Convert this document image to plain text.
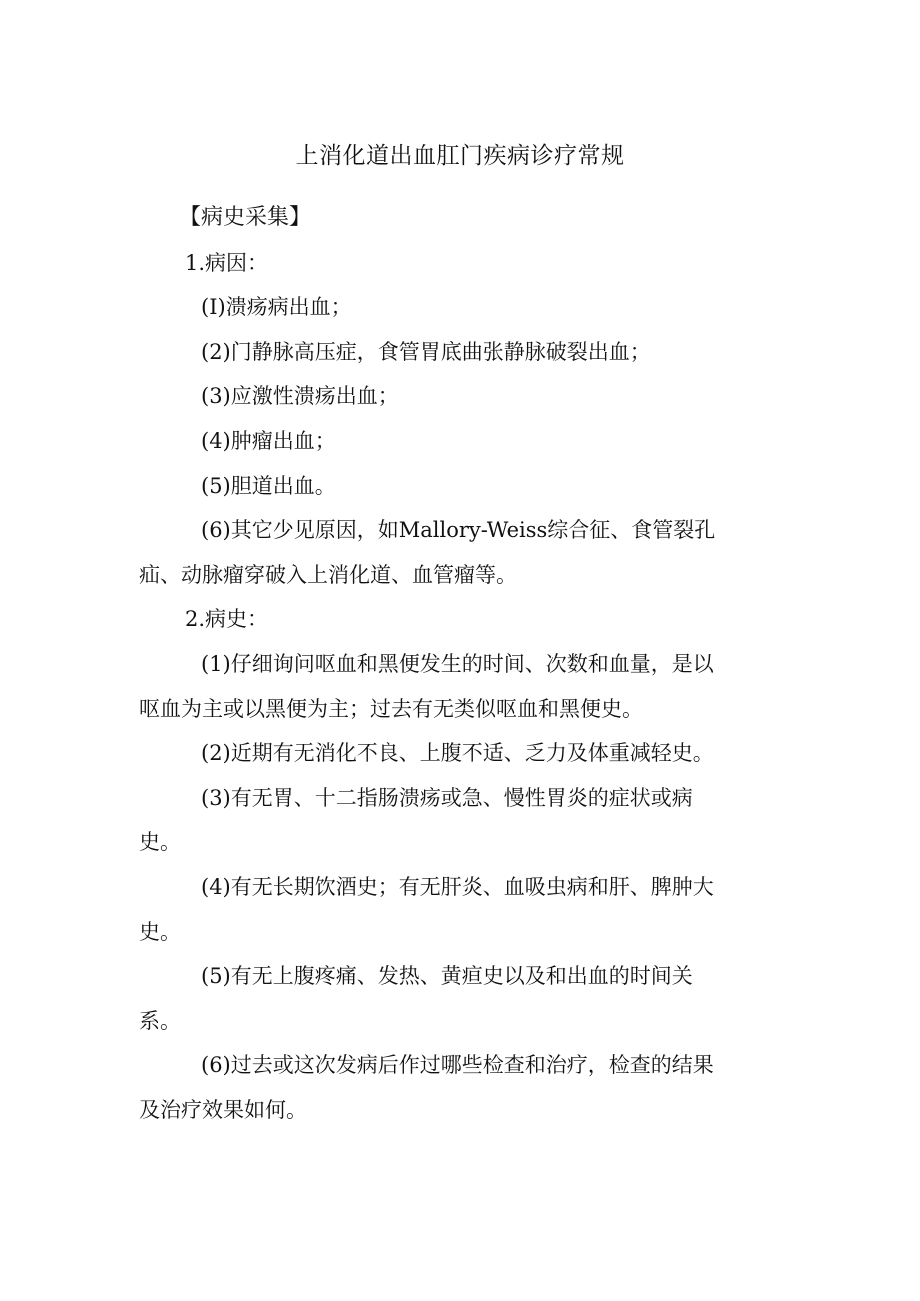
上消化道出血肛门疾病诊疗常规
【病史采集】
1.病因：
(I)溃疡病出血；
(2)门静脉高压症，食管胃底曲张静脉破裂出血；
(3)应激性溃疡出血；
(4)肿瘤出血；
(5)胆道出血。
(6)其它少见原因，如Mallory-Weiss综合征、食管裂孔
疝、动脉瘤穿破入上消化道、血管瘤等。
2.病史：
(1)仔细询问呕血和黑便发生的时间、次数和血量，是以
呕血为主或以黑便为主；过去有无类似呕血和黑便史。
(2)近期有无消化不良、上腹不适、乏力及体重减轻史。
(3)有无胃、十二指肠溃疡或急、慢性胃炎的症状或病
史。
(4)有无长期饮酒史；有无肝炎、血吸虫病和肝、脾肿大
史。
(5)有无上腹疼痛、发热、黄疸史以及和出血的时间关
系。
(6)过去或这次发病后作过哪些检查和治疗，检查的结果
及治疗效果如何。
